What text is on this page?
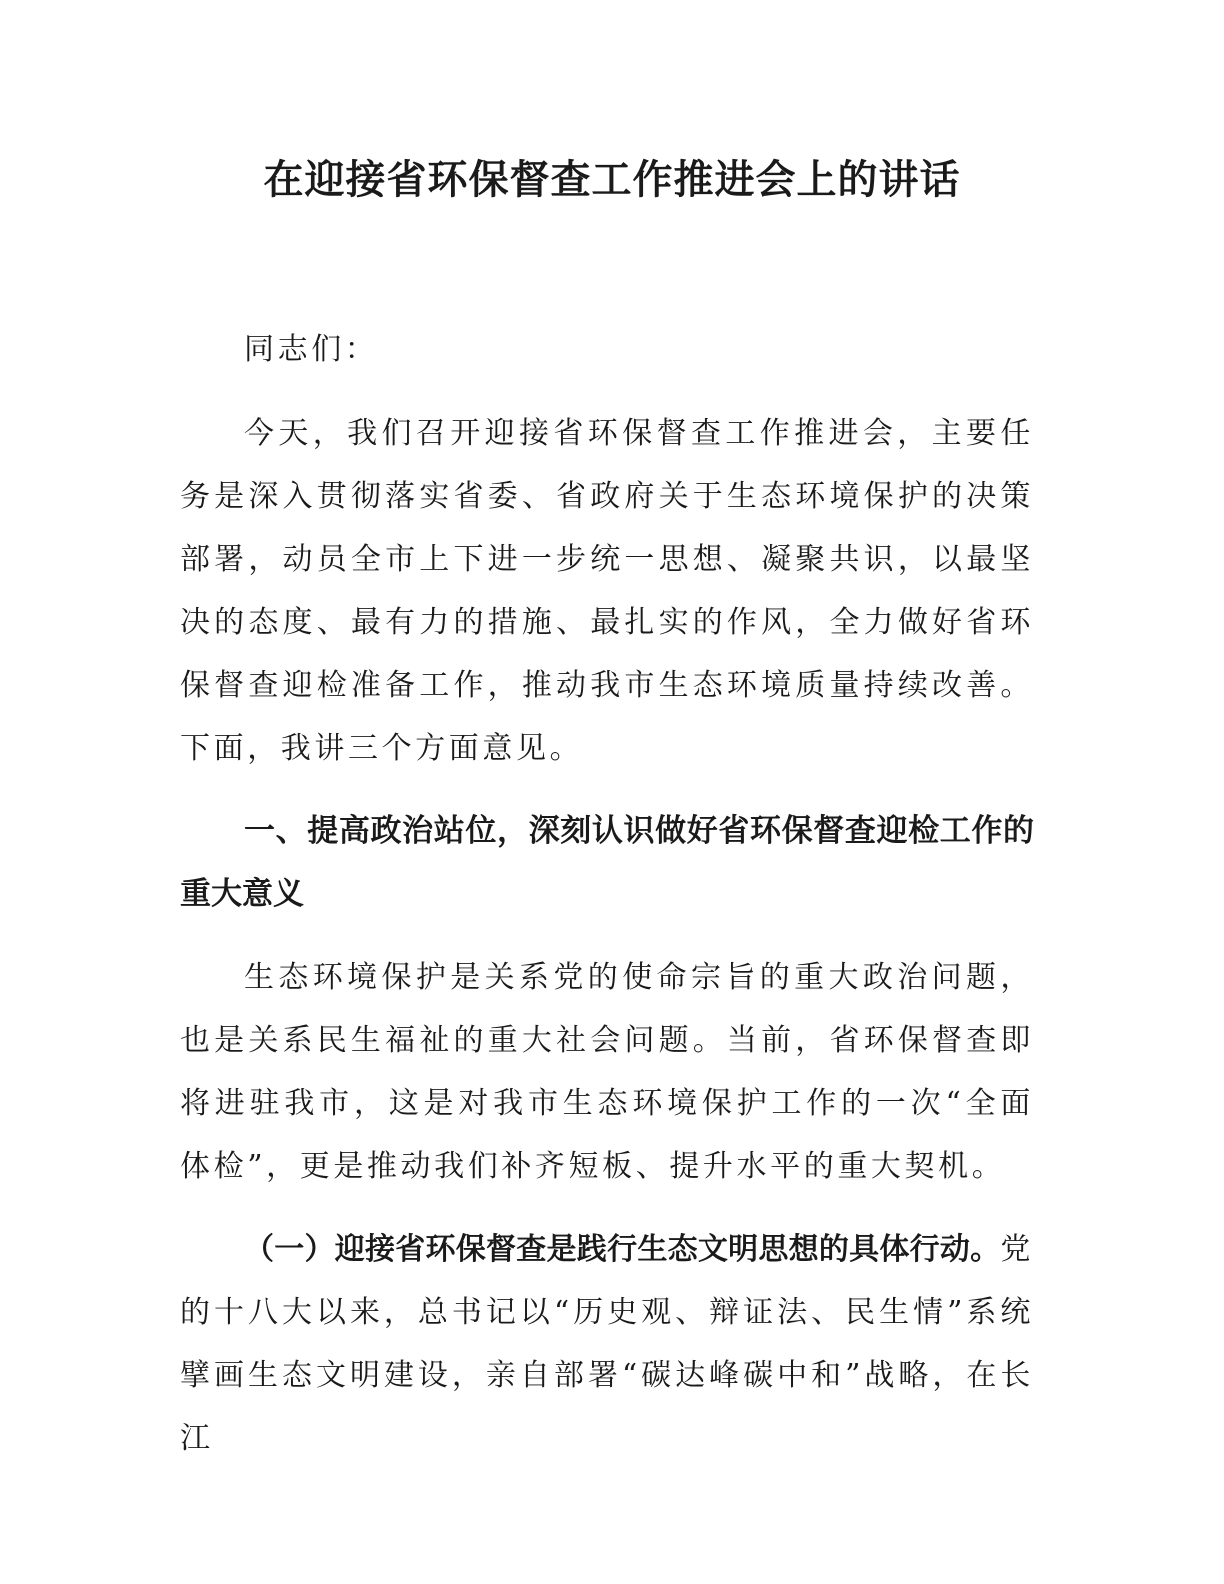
在迎接省环保督查工作推进会上的讲话

同志们：

今天，我们召开迎接省环保督查工作推进会，主要任务是深入贯彻落实省委、省政府关于生态环境保护的决策部署，动员全市上下进一步统一思想、凝聚共识，以最坚决的态度、最有力的措施、最扎实的作风，全力做好省环保督查迎检准备工作，推动我市生态环境质量持续改善。下面，我讲三个方面意见。

一、提高政治站位，深刻认识做好省环保督查迎检工作的重大意义

生态环境保护是关系党的使命宗旨的重大政治问题，也是关系民生福祉的重大社会问题。当前，省环保督查即将进驻我市，这是对我市生态环境保护工作的一次“全面体检”，更是推动我们补齐短板、提升水平的重大契机。

（一）迎接省环保督查是践行生态文明思想的具体行动。党的十八大以来，总书记以“历史观、辩证法、民生情”系统擘画生态文明建设，亲自部署“碳达峰碳中和”战略，在长江
